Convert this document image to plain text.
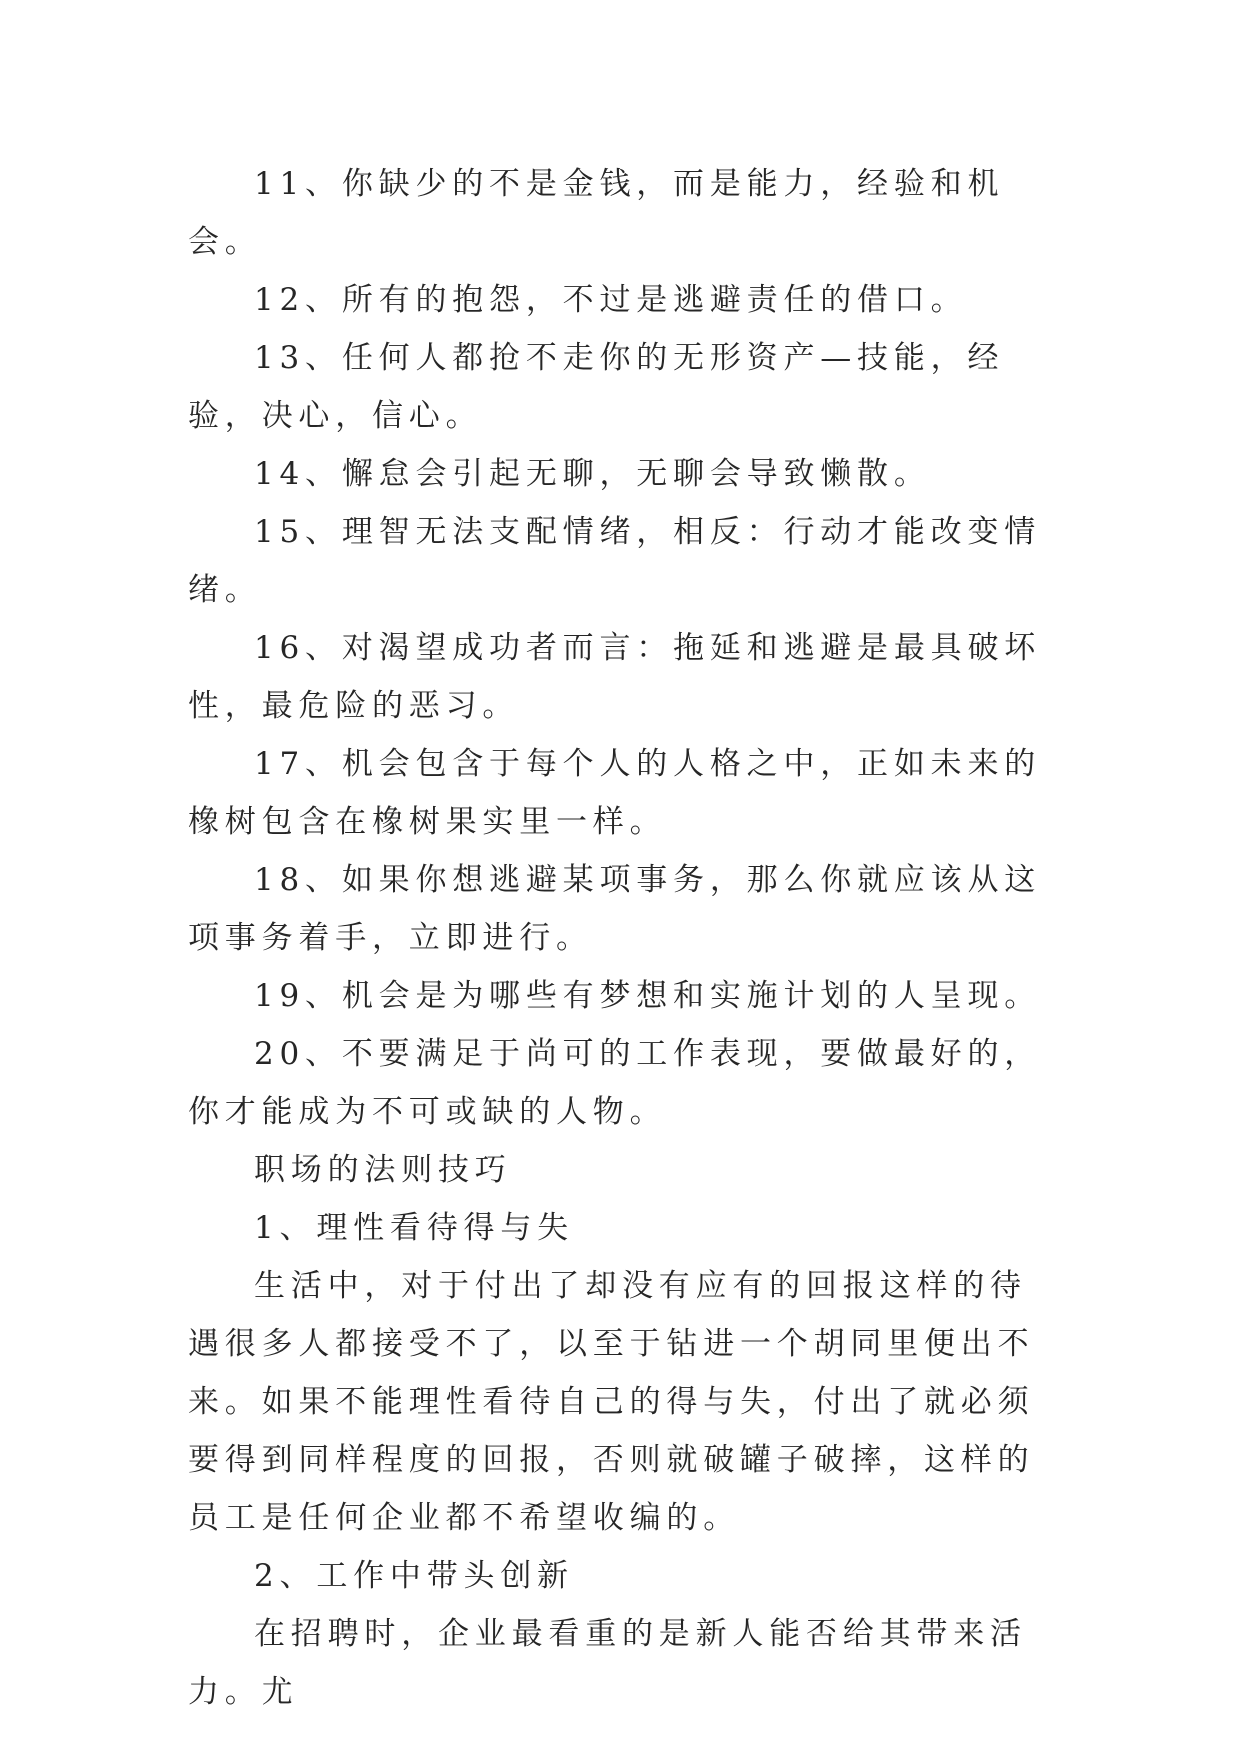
11、你缺少的不是金钱，而是能力，经验和机会。

12、所有的抱怨，不过是逃避责任的借口。

13、任何人都抢不走你的无形资产—技能，经验，决心，信心。

14、懈怠会引起无聊，无聊会导致懒散。

15、理智无法支配情绪，相反：行动才能改变情绪。

16、对渴望成功者而言：拖延和逃避是最具破坏性，最危险的恶习。

17、机会包含于每个人的人格之中，正如未来的橡树包含在橡树果实里一样。

18、如果你想逃避某项事务，那么你就应该从这项事务着手，立即进行。

19、机会是为哪些有梦想和实施计划的人呈现。

20、不要满足于尚可的工作表现，要做最好的，你才能成为不可或缺的人物。

职场的法则技巧

1、理性看待得与失

生活中，对于付出了却没有应有的回报这样的待遇很多人都接受不了，以至于钻进一个胡同里便出不来。如果不能理性看待自己的得与失，付出了就必须要得到同样程度的回报，否则就破罐子破摔，这样的员工是任何企业都不希望收编的。

2、工作中带头创新

在招聘时，企业最看重的是新人能否给其带来活力。尤
